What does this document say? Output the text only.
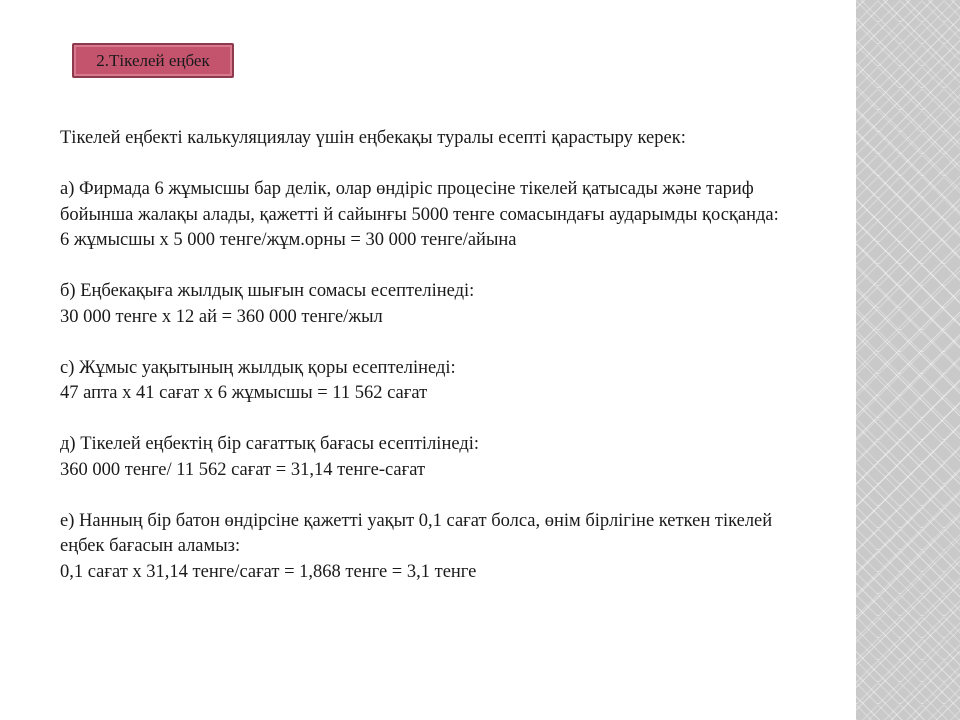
2.Тікелей еңбек

Тікелей еңбекті калькуляциялау үшін еңбекақы туралы есепті қарастыру керек:

а) Фирмада 6 жұмысшы бар делік, олар өндіріс процесіне тікелей қатысады және тариф
бойынша жалақы алады, қажетті й сайынғы 5000 тенге сомасындағы аударымды қосқанда:
6 жұмысшы х 5 000 тенге/жұм.орны = 30 000 тенге/айына

б) Еңбекақыға жылдық шығын сомасы есептелінеді:
30 000 тенге х 12 ай = 360 000 тенге/жыл

с) Жұмыс уақытының жылдық қоры есептелінеді:
47 апта х 41 сағат х 6 жұмысшы = 11 562 сағат

д) Тікелей еңбектің бір сағаттық бағасы есептілінеді:
360 000 тенге/ 11 562 сағат = 31,14 тенге-сағат

е) Нанның бір батон өндірсіне қажетті уақыт 0,1 сағат болса, өнім бірлігіне кеткен тікелей
еңбек бағасын аламыз:
0,1 сағат х 31,14 тенге/сағат = 1,868 тенге = 3,1 тенге
